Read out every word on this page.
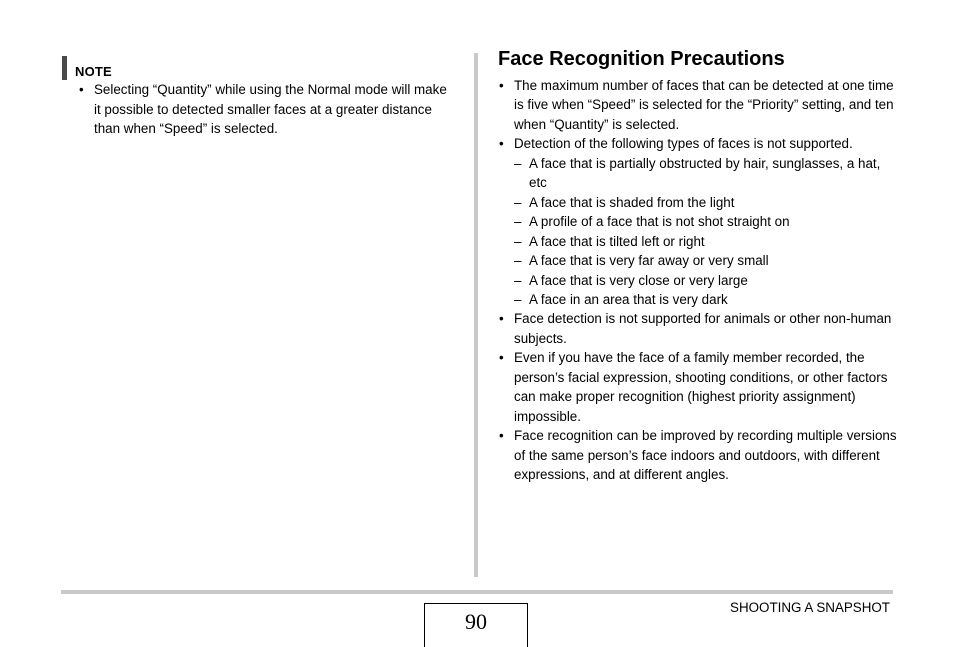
NOTE
• Selecting “Quantity” while using the Normal mode will make it possible to detected smaller faces at a greater distance than when “Speed” is selected.
Face Recognition Precautions
• The maximum number of faces that can be detected at one time is five when “Speed” is selected for the “Priority” setting, and ten when “Quantity” is selected.
• Detection of the following types of faces is not supported.
– A face that is partially obstructed by hair, sunglasses, a hat, etc
– A face that is shaded from the light
– A profile of a face that is not shot straight on
– A face that is tilted left or right
– A face that is very far away or very small
– A face that is very close or very large
– A face in an area that is very dark
• Face detection is not supported for animals or other non-human subjects.
• Even if you have the face of a family member recorded, the person’s facial expression, shooting conditions, or other factors can make proper recognition (highest priority assignment) impossible.
• Face recognition can be improved by recording multiple versions of the same person’s face indoors and outdoors, with different expressions, and at different angles.
90
SHOOTING A SNAPSHOT
